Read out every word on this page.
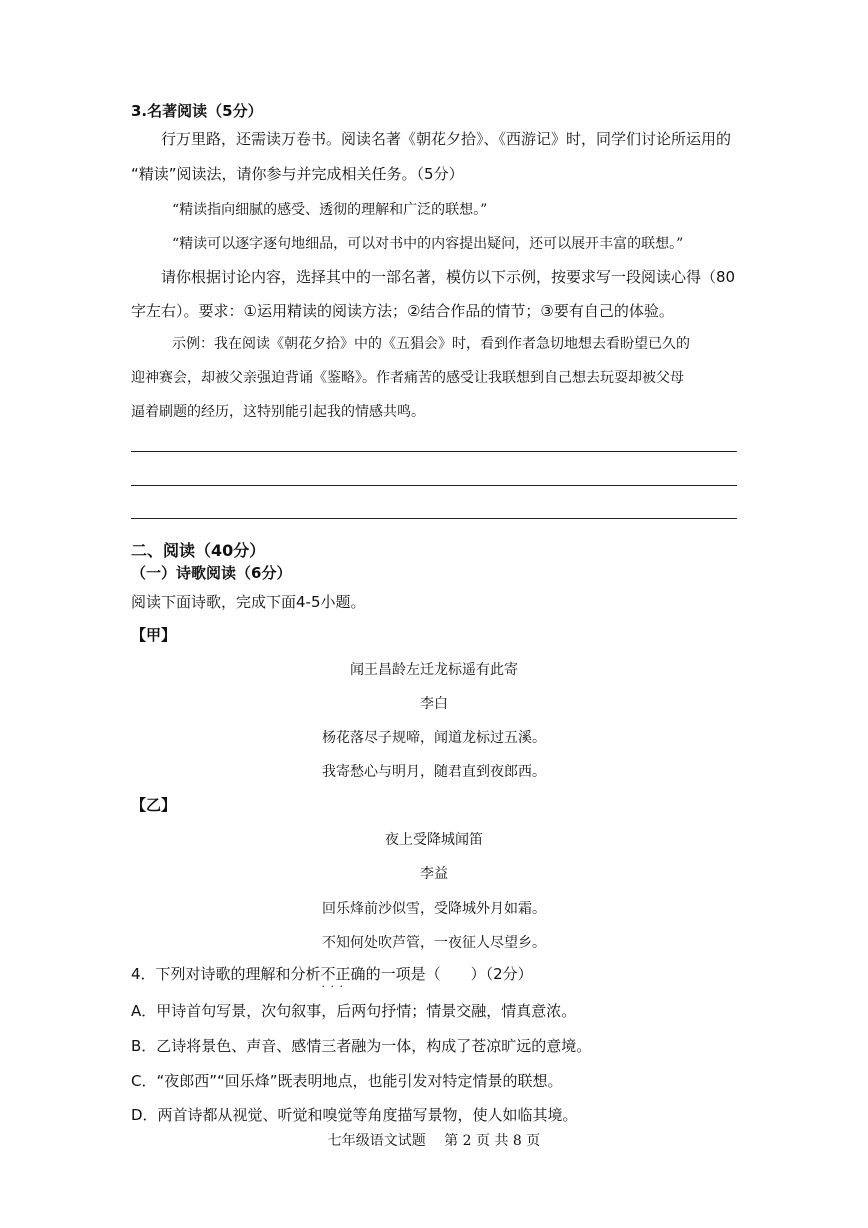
3.名著阅读（5分）
行万里路，还需读万卷书。阅读名著《朝花夕拾》、《西游记》时，同学们讨论所运用的
“精读”阅读法，请你参与并完成相关任务。（5分）
“精读指向细腻的感受、透彻的理解和广泛的联想。”
“精读可以逐字逐句地细品，可以对书中的内容提出疑问，还可以展开丰富的联想。”
请你根据讨论内容，选择其中的一部名著，模仿以下示例，按要求写一段阅读心得（80
字左右）。要求：①运用精读的阅读方法；②结合作品的情节；③要有自己的体验。
示例：我在阅读《朝花夕拾》中的《五猖会》时，看到作者急切地想去看盼望已久的
迎神赛会，却被父亲强迫背诵《鉴略》。作者痛苦的感受让我联想到自己想去玩耍却被父母
逼着刷题的经历，这特别能引起我的情感共鸣。
二、阅读（40分）
（一）诗歌阅读（6分）
阅读下面诗歌，完成下面4-5小题。
【甲】
闻王昌龄左迁龙标遥有此寄
李白
杨花落尽子规啼，闻道龙标过五溪。
我寄愁心与明月，随君直到夜郎西。
【乙】
夜上受降城闻笛
李益
回乐烽前沙似雪，受降城外月如霜。
不知何处吹芦管，一夜征人尽望乡。
4．下列对诗歌的理解和分析不正确 · · ·的一项是（　　）（2分）
A．甲诗首句写景，次句叙事，后两句抒情；情景交融，情真意浓。
B．乙诗将景色、声音、感情三者融为一体，构成了苍凉旷远的意境。
C．“夜郎西”“回乐烽”既表明地点，也能引发对特定情景的联想。
D．两首诗都从视觉、听觉和嗅觉等角度描写景物，使人如临其境。
七年级语文试题　 第 2 页 共 8 页
